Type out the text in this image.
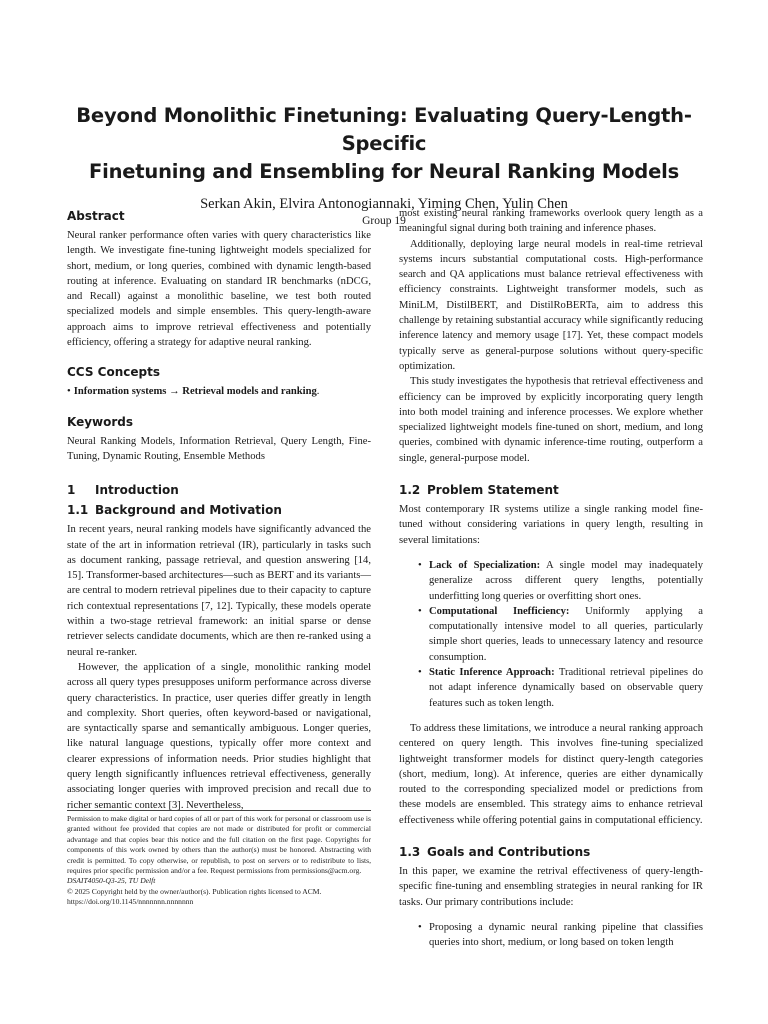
Beyond Monolithic Finetuning: Evaluating Query-Length-Specific
Finetuning and Ensembling for Neural Ranking Models
Serkan Akin, Elvira Antonogiannaki, Yiming Chen, Yulin Chen
Group 19
Abstract

Neural ranker performance often varies with query characteristics like length. We investigate fine-tuning lightweight models specialized for short, medium, or long queries, combined with dynamic length-based routing at inference. Evaluating on standard IR benchmarks (nDCG, and Recall) against a monolithic baseline, we test both routed specialized models and simple ensembles. This query-length-aware approach aims to improve retrieval effectiveness and potentially efficiency, offering a strategy for adaptive neural ranking.

CCS Concepts

• Information systems → Retrieval models and ranking.

Keywords

Neural Ranking Models, Information Retrieval, Query Length, Fine-Tuning, Dynamic Routing, Ensemble Methods

1 Introduction
1.1 Background and Motivation

In recent years, neural ranking models have significantly advanced the state of the art in information retrieval (IR), particularly in tasks such as document ranking, passage retrieval, and question answering [14, 15]. Transformer-based architectures—such as BERT and its variants—are central to modern retrieval pipelines due to their capacity to capture rich contextual representations [7, 12]. Typically, these models operate within a two-stage retrieval framework: an initial sparse or dense retriever selects candidate documents, which are then re-ranked using a neural re-ranker.

However, the application of a single, monolithic ranking model across all query types presupposes uniform performance across diverse query characteristics. In practice, user queries differ greatly in length and complexity. Short queries, often keyword-based or navigational, are syntactically sparse and semantically ambiguous. Longer queries, like natural language questions, typically offer more context and clearer expressions of information needs. Prior studies highlight that query length significantly influences retrieval effectiveness, generally associating longer queries with improved precision and recall due to richer semantic context [3]. Nevertheless,

Permission to make digital or hard copies of all or part of this work for personal or classroom use is granted without fee provided that copies are not made or distributed for profit or commercial advantage and that copies bear this notice and the full citation on the first page. Copyrights for components of this work owned by others than the author(s) must be honored. Abstracting with credit is permitted. To copy otherwise, or republish, to post on servers or to redistribute to lists, requires prior specific permission and/or a fee. Request permissions from permissions@acm.org.
DSAIT4050-Q3-25, TU Delft
© 2025 Copyright held by the owner/author(s). Publication rights licensed to ACM.
https://doi.org/10.1145/nnnnnnn.nnnnnnn

most existing neural ranking frameworks overlook query length as a meaningful signal during both training and inference phases.

Additionally, deploying large neural models in real-time retrieval systems incurs substantial computational costs. High-performance search and QA applications must balance retrieval effectiveness with efficiency constraints. Lightweight transformer models, such as MiniLM, DistilBERT, and DistilRoBERTa, aim to address this challenge by retaining substantial accuracy while significantly reducing inference latency and memory usage [17]. Yet, these compact models typically serve as general-purpose solutions without query-specific optimization.

This study investigates the hypothesis that retrieval effectiveness and efficiency can be improved by explicitly incorporating query length into both model training and inference processes. We explore whether specialized lightweight models fine-tuned on short, medium, and long queries, combined with dynamic inference-time routing, outperform a single, general-purpose model.

1.2 Problem Statement

Most contemporary IR systems utilize a single ranking model fine-tuned without considering variations in query length, resulting in several limitations:

• Lack of Specialization: A single model may inadequately generalize across different query lengths, potentially underfitting long queries or overfitting short ones.
• Computational Inefficiency: Uniformly applying a computationally intensive model to all queries, particularly simple short queries, leads to unnecessary latency and resource consumption.
• Static Inference Approach: Traditional retrieval pipelines do not adapt inference dynamically based on observable query features such as token length.

To address these limitations, we introduce a neural ranking approach centered on query length. This involves fine-tuning specialized lightweight transformer models for distinct query-length categories (short, medium, long). At inference, queries are either dynamically routed to the corresponding specialized model or predictions from these models are ensembled. This strategy aims to enhance retrieval effectiveness while offering potential gains in computational efficiency.

1.3 Goals and Contributions

In this paper, we examine the retrival effectiveness of query-length-specific fine-tuning and ensembling strategies in neural ranking for IR tasks. Our primary contributions include:

• Proposing a dynamic neural ranking pipeline that classifies queries into short, medium, or long based on token length
